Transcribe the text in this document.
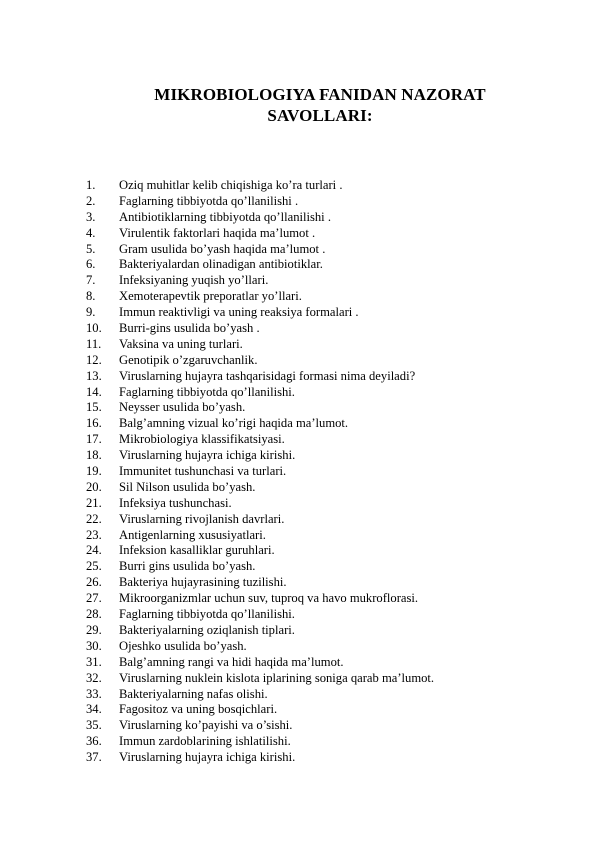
MIKROBIOLOGIYA FANIDAN NAZORAT
SAVOLLARI:
1.	Oziq muhitlar kelib chiqishiga ko’ra turlari .
2.	Faglarning tibbiyotda qo’llanilishi .
3.	Antibiotiklarning tibbiyotda qo’llanilishi .
4.	Virulentik faktorlari haqida ma’lumot .
5.	Gram usulida bo’yash haqida ma’lumot .
6.	Bakteriyalardan olinadigan antibiotiklar.
7.	Infeksiyaning yuqish yo’llari.
8.	Xemoterapevtik preporatlar yo’llari.
9.	Immun reaktivligi va uning reaksiya formalari .
10.	Burri-gins usulida bo’yash .
11.	Vaksina va uning turlari.
12.	Genotipik o’zgaruvchanlik.
13.	Viruslarning hujayra tashqarisidagi formasi nima deyiladi?
14.	Faglarning tibbiyotda qo’llanilishi.
15.	Neysser usulida bo’yash.
16.	Balg’amning vizual ko’rigi haqida ma’lumot.
17.	Mikrobiologiya klassifikatsiyasi.
18.	Viruslarning hujayra ichiga kirishi.
19.	Immunitet tushunchasi va turlari.
20.	Sil Nilson usulida bo’yash.
21.	Infeksiya tushunchasi.
22.	Viruslarning rivojlanish davrlari.
23.	Antigenlarning xususiyatlari.
24.	Infeksion kasalliklar guruhlari.
25.	Burri gins usulida bo’yash.
26.	Bakteriya hujayrasining tuzilishi.
27.	Mikroorganizmlar uchun suv, tuproq va havo mukroflorasi.
28.	Faglarning tibbiyotda qo’llanilishi.
29.	Bakteriyalarning oziqlanish tiplari.
30.	Ojeshko usulida bo’yash.
31.	Balg’amning rangi va hidi haqida ma’lumot.
32.	Viruslarning nuklein kislota iplarining soniga qarab ma’lumot.
33.	Bakteriyalarning nafas olishi.
34.	Fagositoz va uning bosqichlari.
35.	Viruslarning ko’payishi va o’sishi.
36.	Immun zardoblarining ishlatilishi.
37.	Viruslarning hujayra ichiga kirishi.
